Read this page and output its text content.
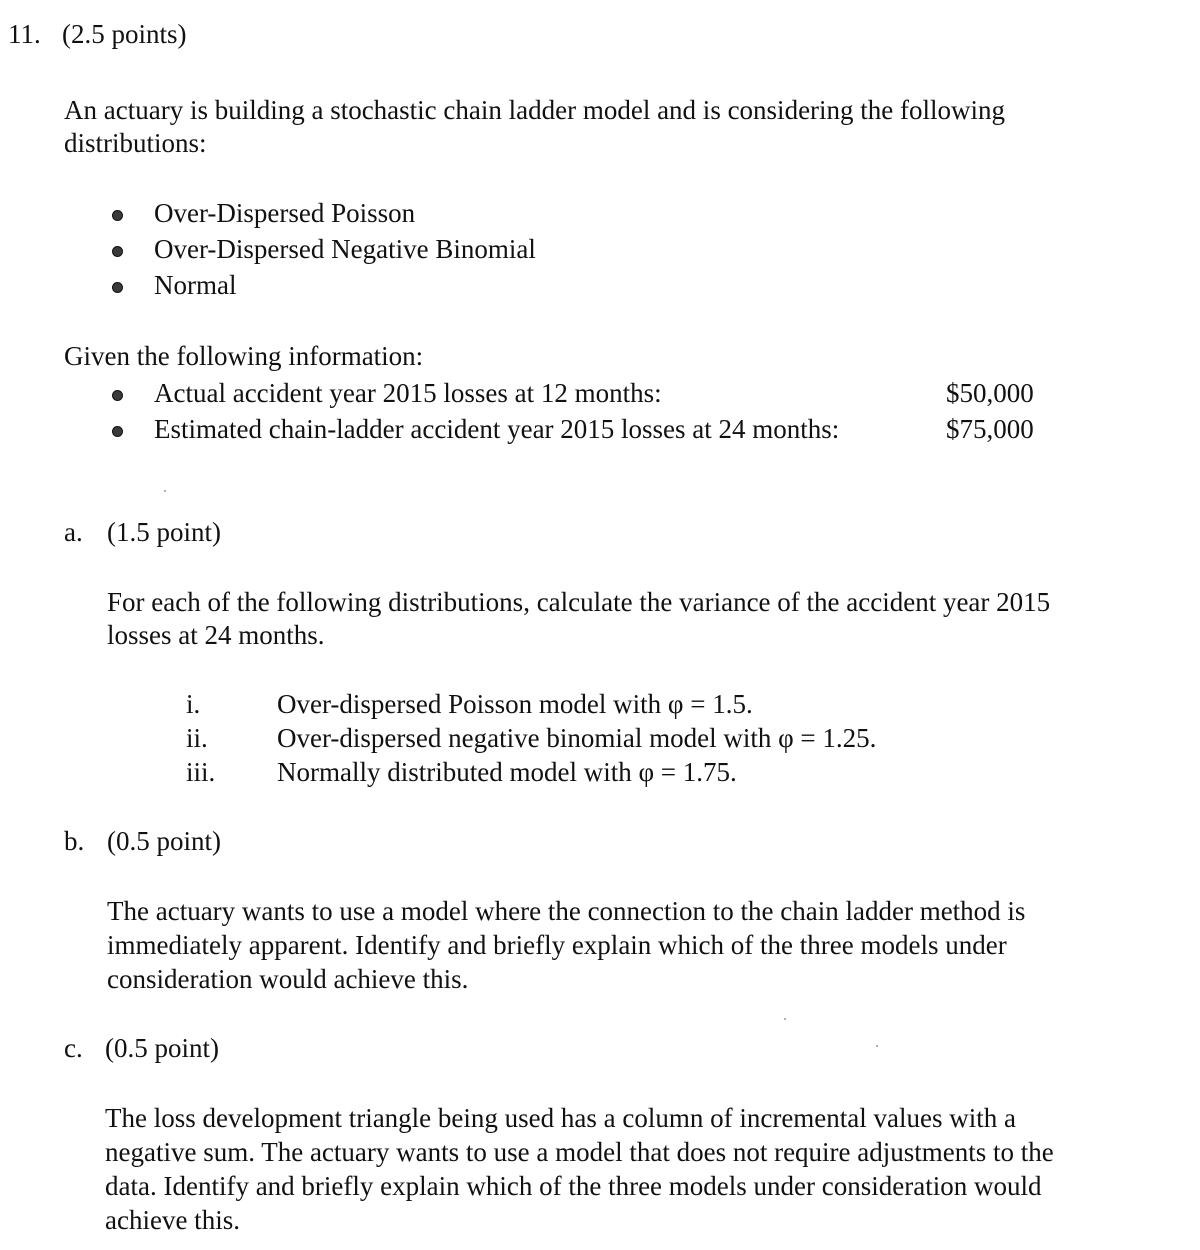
11. (2.5 points)
An actuary is building a stochastic chain ladder model and is considering the following
distributions:
Over-Dispersed Poisson
Over-Dispersed Negative Binomial
Normal
Given the following information:
Actual accident year 2015 losses at 12 months:	$50,000
Estimated chain-ladder accident year 2015 losses at 24 months:	$75,000
a. (1.5 point)
For each of the following distributions, calculate the variance of the accident year 2015
losses at 24 months.
i.	Over-dispersed Poisson model with φ = 1.5.
ii.	Over-dispersed negative binomial model with φ = 1.25.
iii. Normally distributed model with φ = 1.75.
b. (0.5 point)
The actuary wants to use a model where the connection to the chain ladder method is
immediately apparent. Identify and briefly explain which of the three models under
consideration would achieve this.
c. (0.5 point)
The loss development triangle being used has a column of incremental values with a
negative sum. The actuary wants to use a model that does not require adjustments to the
data. Identify and briefly explain which of the three models under consideration would
achieve this.
